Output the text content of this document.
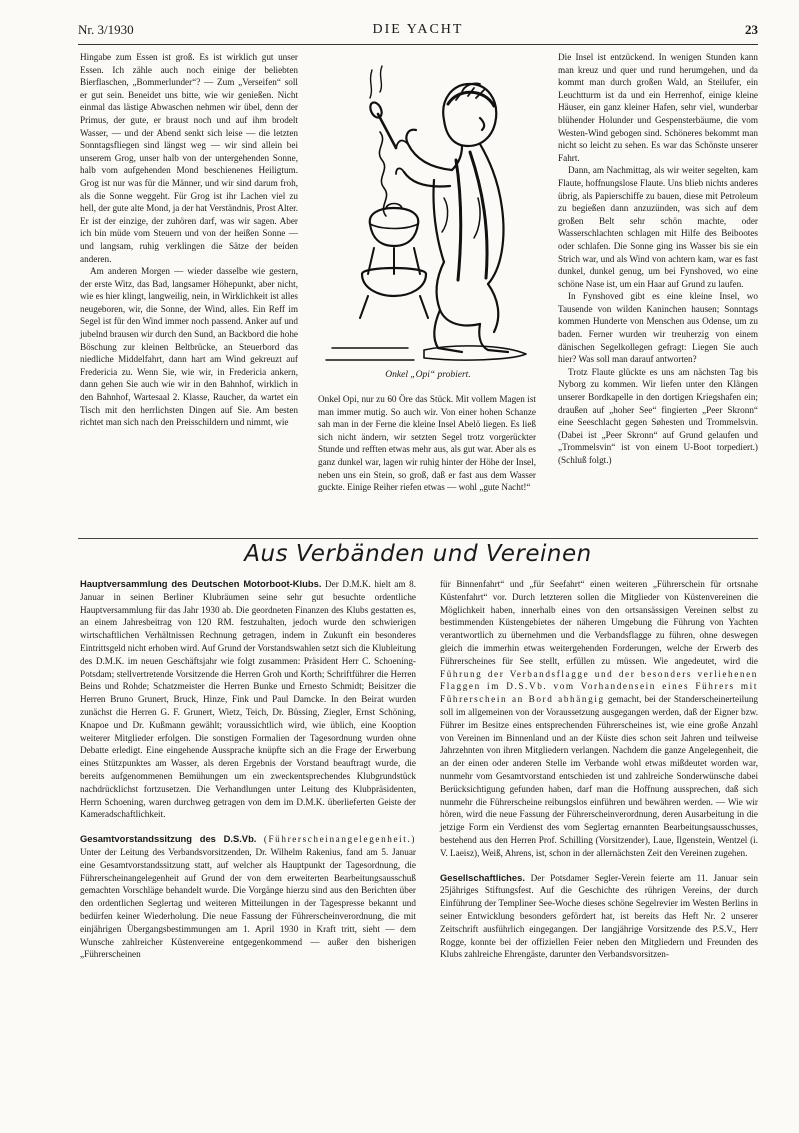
Nr. 3/1930	DIE YACHT	23

Hingabe zum Essen ist groß. Es ist wirklich gut unser Essen. Ich zähle auch noch einige der beliebten Bierflaschen, „Bommerlunder“? — Zum „Verseifen“ soll er gut sein. Beneidet uns bitte, wie wir genießen. Nicht einmal das lästige Abwaschen nehmen wir übel, denn der Primus, der gute, er braust noch und auf ihm brodelt Wasser, — und der Abend senkt sich leise — die letzten Sonntagsfliegen sind längst weg — wir sind allein bei unserem Grog, unser halb von der untergehenden Sonne, halb vom aufgehenden Mond beschienenes Heiligtum. Grog ist nur was für die Männer, und wir sind darum froh, als die Sonne weggeht. Für Grog ist ihr Lachen viel zu hell, der gute alte Mond, ja der hat Verständnis, Prost Alter. Er ist der einzige, der zuhören darf, was wir sagen. Aber ich bin müde vom Steuern und von der heißen Sonne — und langsam, ruhig verklingen die Sätze der beiden anderen.

Am anderen Morgen — wieder dasselbe wie gestern, der erste Witz, das Bad, langsamer Höhepunkt, aber nicht, wie es hier klingt, langweilig, nein, in Wirklichkeit ist alles neugeboren, wir, die Sonne, der Wind, alles. Ein Reff im Segel ist für den Wind immer noch passend. Anker auf und jubelnd brausen wir durch den Sund, an Backbord die hohe Böschung zur kleinen Beltbrücke, an Steuerbord das niedliche Middelfahrt, dann hart am Wind gekreuzt auf Fredericia zu. Wenn Sie, wie wir, in Fredericia ankern, dann gehen Sie auch wie wir in den Bahnhof, wirklich in den Bahnhof, Wartesaal 2. Klasse, Raucher, da wartet ein Tisch mit den herrlichsten Dingen auf Sie. Am besten richtet man sich nach den Preisschildern und nimmt, wie

Onkel „Opi“ probiert.

Onkel Opi, nur zu 60 Öre das Stück. Mit vollem Magen ist man immer mutig. So auch wir. Von einer hohen Schanze sah man in der Ferne die kleine Insel Abelö liegen. Es ließ sich nicht ändern, wir setzten Segel trotz vorgerückter Stunde und refften etwas mehr aus, als gut war. Aber als es ganz dunkel war, lagen wir ruhig hinter der Höhe der Insel, neben uns ein Stein, so groß, daß er fast aus dem Wasser guckte. Einige Reiher riefen etwas — wohl „gute Nacht!“

Die Insel ist entzückend. In wenigen Stunden kann man kreuz und quer und rund herumgehen, und da kommt man durch großen Wald, an Steilufer, ein Leuchtturm ist da und ein Herrenhof, einige kleine Häuser, ein ganz kleiner Hafen, sehr viel, wunderbar blühender Holunder und Gespensterbäume, die vom Westen-Wind gebogen sind. Schöneres bekommt man nicht so leicht zu sehen. Es war das Schönste unserer Fahrt.

Dann, am Nachmittag, als wir weiter segelten, kam Flaute, hoffnungslose Flaute. Uns blieb nichts anderes übrig, als Papierschiffe zu bauen, diese mit Petroleum zu begießen dann anzuzünden, was sich auf dem großen Belt sehr schön machte, oder Wasserschlachten schlagen mit Hilfe des Beibootes oder schlafen. Die Sonne ging ins Wasser bis sie ein Strich war, und als Wind von achtern kam, war es fast dunkel, dunkel genug, um bei Fynshoved, wo eine schöne Nase ist, um ein Haar auf Grund zu laufen.

In Fynshoved gibt es eine kleine Insel, wo Tausende von wilden Kaninchen hausen; Sonntags kommen Hunderte von Menschen aus Odense, um zu baden. Ferner wurden wir treuherzig von einem dänischen Segelkollegen gefragt: Liegen Sie auch hier? Was soll man darauf antworten?

Trotz Flaute glückte es uns am nächsten Tag bis Nyborg zu kommen. Wir liefen unter den Klängen unserer Bordkapelle in den dortigen Kriegshafen ein; draußen auf „hoher See“ fingierten „Peer Skronn“ eine Seeschlacht gegen Søhesten und Trommelsvin. (Dabei ist „Peer Skronn“ auf Grund gelaufen und „Trommelsvin“ ist von einem U-Boot torpediert.) (Schluß folgt.)

Aus Verbänden und Vereinen

Hauptversammlung des Deutschen Motorboot-Klubs. Der D.M.K. hielt am 8. Januar in seinen Berliner Klubräumen seine sehr gut besuchte ordentliche Hauptversammlung für das Jahr 1930 ab. Die geordneten Finanzen des Klubs gestatten es, an einem Jahresbeitrag von 120 RM. festzuhalten, jedoch wurde den schwierigen wirtschaftlichen Verhältnissen Rechnung getragen, indem in Zukunft ein besonderes Eintrittsgeld nicht erhoben wird. Auf Grund der Vorstandswahlen setzt sich die Klubleitung des D.M.K. im neuen Geschäftsjahr wie folgt zusammen: Präsident Herr C. Schoening-Potsdam; stellvertretende Vorsitzende die Herren Groh und Korth; Schriftführer die Herren Beins und Rohde; Schatzmeister die Herren Bunke und Ernesto Schmidt; Beisitzer die Herren Bruno Grunert, Bruck, Hinze, Fink und Paul Damcke. In den Beirat wurden zunächst die Herren G. F. Grunert, Wietz, Teich, Dr. Büssing, Ziegler, Ernst Schöning, Knapoe und Dr. Kußmann gewählt; voraussichtlich wird, wie üblich, eine Kooption weiterer Mitglieder erfolgen. Die sonstigen Formalien der Tagesordnung wurden ohne Debatte erledigt. Eine eingehende Aussprache knüpfte sich an die Frage der Erwerbung eines Stützpunktes am Wasser, als deren Ergebnis der Vorstand beauftragt wurde, die bereits aufgenommenen Bemühungen um ein zweckentsprechendes Klubgrundstück nachdrücklichst fortzusetzen. Die Verhandlungen unter Leitung des Klubpräsidenten, Herrn Schoening, waren durchweg getragen von dem im D.M.K. überlieferten Geiste der Kameradschaftlichkeit.

Gesamtvorstandssitzung des D.S.Vb. (Führerscheinangelegenheit.) Unter der Leitung des Verbandsvorsitzenden, Dr. Wilhelm Rakenius, fand am 5. Januar eine Gesamtvorstandssitzung statt, auf welcher als Hauptpunkt der Tagesordnung, die Führerscheinangelegenheit auf Grund der von dem erweiterten Bearbeitungsausschuß gemachten Vorschläge behandelt wurde. Die Vorgänge hierzu sind aus den Berichten über den ordentlichen Seglertag und weiteren Mitteilungen in der Tagespresse bekannt und bedürfen keiner Wiederholung. Die neue Fassung der Führerscheinverordnung, die mit einjährigen Übergangsbestimmungen am 1. April 1930 in Kraft tritt, sieht — dem Wunsche zahlreicher Küstenvereine entgegenkommend — außer den bisherigen „Führerscheinen

für Binnenfahrt“ und „für Seefahrt“ einen weiteren „Führerschein für ortsnahe Küstenfahrt“ vor. Durch letzteren sollen die Mitglieder von Küstenvereinen die Möglichkeit haben, innerhalb eines von den ortsansässigen Vereinen selbst zu bestimmenden Küstengebietes der näheren Umgebung die Führung von Yachten verantwortlich zu übernehmen und die Verbandsflagge zu führen, ohne deswegen gleich die immerhin etwas weitergehenden Forderungen, welche der Erwerb des Führerscheines für See stellt, erfüllen zu müssen. Wie angedeutet, wird die Führung der Verbandsflagge und der besonders verliehenen Flaggen im D.S.Vb. vom Vorhandensein eines Führers mit Führerschein an Bord abhängig gemacht, bei der Standerscheinerteilung soll im allgemeinen von der Voraussetzung ausgegangen werden, daß der Eigner bzw. Führer im Besitze eines entsprechenden Führerscheines ist, wie eine große Anzahl von Vereinen im Binnenland und an der Küste dies schon seit Jahren und teilweise Jahrzehnten von ihren Mitgliedern verlangen. Nachdem die ganze Angelegenheit, die an der einen oder anderen Stelle im Verbande wohl etwas mißdeutet worden war, nunmehr vom Gesamtvorstand entschieden ist und zahlreiche Sonderwünsche dabei Berücksichtigung gefunden haben, darf man die Hoffnung aussprechen, daß sich nunmehr die Führerscheine reibungslos einführen und bewähren werden. — Wie wir hören, wird die neue Fassung der Führerscheinverordnung, deren Ausarbeitung in die jetzige Form ein Verdienst des vom Seglertag ernannten Bearbeitungsausschusses, bestehend aus den Herren Prof. Schilling (Vorsitzender), Laue, Ilgenstein, Wentzel (i. V. Laeisz), Weiß, Ahrens, ist, schon in der allernächsten Zeit den Vereinen zugehen.

Gesellschaftliches. Der Potsdamer Segler-Verein feierte am 11. Januar sein 25jähriges Stiftungsfest. Auf die Geschichte des rührigen Vereins, der durch Einführung der Templiner See-Woche dieses schöne Segelrevier im Westen Berlins in seiner Entwicklung besonders gefördert hat, ist bereits das Heft Nr. 2 unserer Zeitschrift ausführlich eingegangen. Der langjährige Vorsitzende des P.S.V., Herr Rogge, konnte bei der offiziellen Feier neben den Mitgliedern und Freunden des Klubs zahlreiche Ehrengäste, darunter den Verbandsvorsitzen-
